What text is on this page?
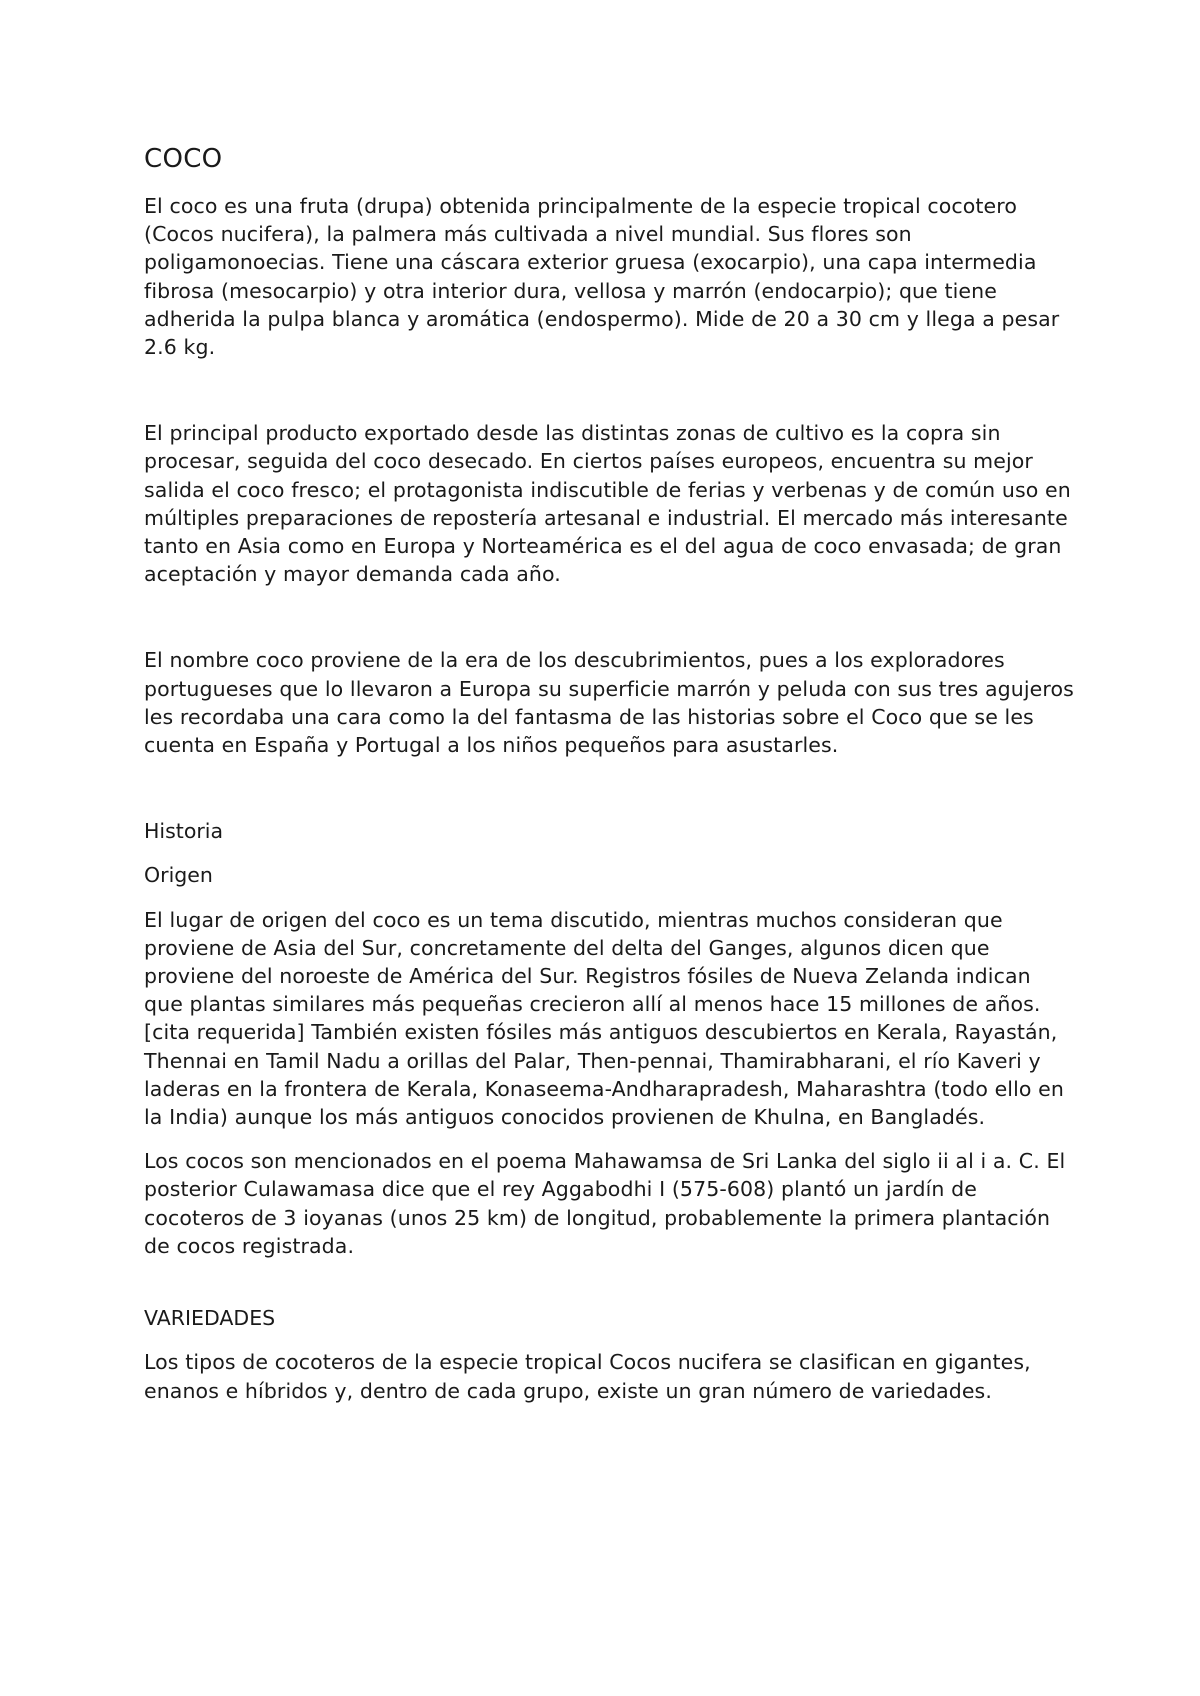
COCO

El coco es una fruta (drupa) obtenida principalmente de la especie tropical cocotero (Cocos nucifera), la palmera más cultivada a nivel mundial. Sus flores son poligamonoecias. Tiene una cáscara exterior gruesa (exocarpio), una capa intermedia fibrosa (mesocarpio) y otra interior dura, vellosa y marrón (endocarpio); que tiene adherida la pulpa blanca y aromática (endospermo). Mide de 20 a 30 cm y llega a pesar 2.6 kg.

El principal producto exportado desde las distintas zonas de cultivo es la copra sin procesar, seguida del coco desecado. En ciertos países europeos, encuentra su mejor salida el coco fresco; el protagonista indiscutible de ferias y verbenas y de común uso en múltiples preparaciones de repostería artesanal e industrial. El mercado más interesante tanto en Asia como en Europa y Norteamérica es el del agua de coco envasada; de gran aceptación y mayor demanda cada año.

El nombre coco proviene de la era de los descubrimientos, pues a los exploradores portugueses que lo llevaron a Europa su superficie marrón y peluda con sus tres agujeros les recordaba una cara como la del fantasma de las historias sobre el Coco que se les cuenta en España y Portugal a los niños pequeños para asustarles.

Historia
Origen

El lugar de origen del coco es un tema discutido, mientras muchos consideran que proviene de Asia del Sur, concretamente del delta del Ganges, algunos dicen que proviene del noroeste de América del Sur. Registros fósiles de Nueva Zelanda indican que plantas similares más pequeñas crecieron allí al menos hace 15 millones de años.[cita requerida] También existen fósiles más antiguos descubiertos en Kerala, Rayastán, Thennai en Tamil Nadu a orillas del Palar, Then-pennai, Thamirabharani, el río Kaveri y laderas en la frontera de Kerala, Konaseema-Andharapradesh, Maharashtra (todo ello en la India) aunque los más antiguos conocidos provienen de Khulna, en Bangladés.

Los cocos son mencionados en el poema Mahawamsa de Sri Lanka del siglo ii al i a. C. El posterior Culawamasa dice que el rey Aggabodhi I (575-608) plantó un jardín de cocoteros de 3 ioyanas (unos 25 km) de longitud, probablemente la primera plantación de cocos registrada.

VARIEDADES

Los tipos de cocoteros de la especie tropical Cocos nucifera se clasifican en gigantes, enanos e híbridos y, dentro de cada grupo, existe un gran número de variedades.
